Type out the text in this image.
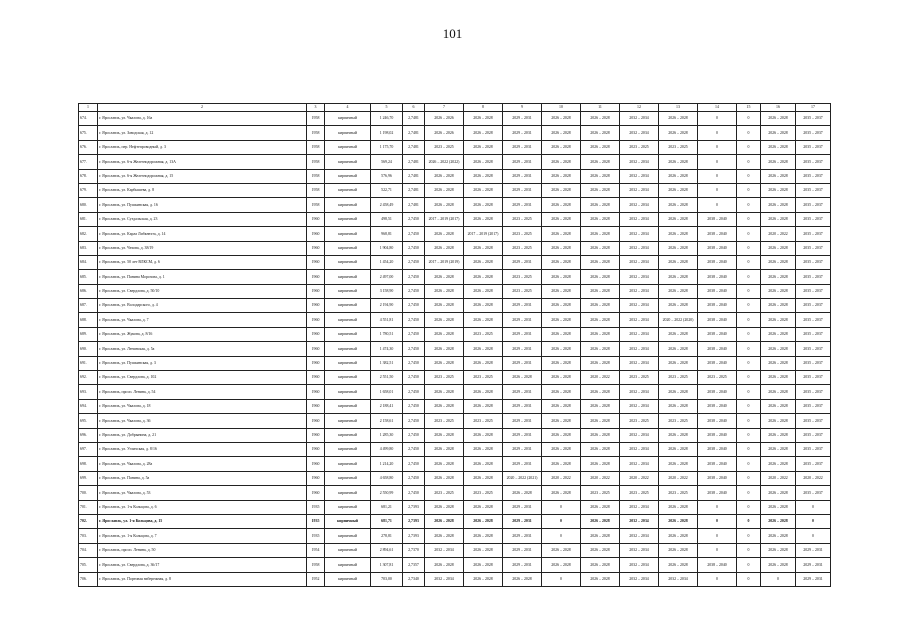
101
1	2	3	4	5	6	7	8	9	10	11	12	13	14	15	16	17
674.	г. Ярославль, ул. Чкалова, д. 16а	1958	кирпичный	1 246,70	2,7481	2026 – 2026	2026 – 2028	2029 – 2031	2026 – 2028	2026 – 2028	2032 – 2034	2026 – 2028	0	0	2026 – 2028	2035 – 2037
675.	г. Ярославль, ул. Заводская, д. 12	1958	кирпичный	1 198,02	2,7481	2026 – 2026	2026 – 2028	2029 – 2031	2026 – 2028	2026 – 2028	2032 – 2034	2026 – 2028	0	0	2026 – 2028	2035 – 2037
676.	г. Ярославль, пер. Нефтепроводный, д. 3	1958	кирпичный	1 175,70	2,7481	2023 – 2025	2026 – 2028	2029 – 2031	2026 – 2028	2026 – 2028	2023 – 2025	2023 – 2025	0	0	2026 – 2028	2035 – 2037
677.	г. Ярославль, ул. 6-я Железнодорожная, д. 13А	1958	кирпичный	569,24	2,7481	2026 – 2022 (2022)	2026 – 2028	2029 – 2031	2026 – 2028	2026 – 2028	2032 – 2034	2026 – 2028	0	0	2026 – 2028	2035 – 2037
678.	г. Ярославль, ул. 6-я Железнодорожная, д. 15	1958	кирпичный	576,96	2,7481	2026 – 2028	2026 – 2028	2029 – 2031	2026 – 2028	2026 – 2028	2032 – 2034	2026 – 2028	0	0	2026 – 2028	2035 – 2037
679.	г. Ярославль, ул. Карбышева, д. 8	1958	кирпичный	522,71	2,7481	2026 – 2028	2026 – 2028	2029 – 2031	2026 – 2028	2026 – 2028	2032 – 2034	2026 – 2028	0	0	2026 – 2028	2035 – 2037
680.	г. Ярославль, ул. Пушкинская, д. 16	1958	кирпичный	2 458,49	2,7481	2026 – 2028	2026 – 2028	2029 – 2031	2026 – 2028	2026 – 2028	2032 – 2034	2026 – 2028	0	0	2026 – 2028	2035 – 2037
681.	г. Ярославль, ул. Суздальская, д. 23	1960	кирпичный	498,51	2,7450	2017 – 2019 (2017)	2026 – 2028	2023 – 2025	2026 – 2028	2026 – 2028	2032 – 2034	2026 – 2028	2038 – 2040	0	2026 – 2028	2035 – 2037
682.	г. Ярославль, ул. Карла Либкнехта, д. 14	1960	кирпичный	968,81	2,7450	2026 – 2028	2017 – 2019 (2017)	2023 – 2025	2026 – 2028	2026 – 2028	2032 – 2034	2026 – 2028	2038 – 2040	0	2020 – 2022	2035 – 2037
683.	г. Ярославль, ул. Чехова, д. 38/19	1960	кирпичный	1 904,80	2,7450	2026 – 2028	2026 – 2028	2023 – 2025	2026 – 2028	2026 – 2028	2032 – 2034	2026 – 2028	2038 – 2040	0	2026 – 2028	2035 – 2037
684.	г. Ярославль, ул. 50 лет ВЛКСМ, д. 6	1960	кирпичный	1 454,20	2,7450	2017 – 2019 (2019)	2026 – 2028	2029 – 2031	2026 – 2028	2026 – 2028	2032 – 2034	2026 – 2028	2038 – 2040	0	2026 – 2028	2035 – 2037
685.	г. Ярославль, ул. Панина Морозова, д. 1	1960	кирпичный	2 497,00	2,7450	2026 – 2028	2026 – 2028	2023 – 2025	2026 – 2028	2026 – 2028	2032 – 2034	2026 – 2028	2038 – 2040	0	2026 – 2028	2035 – 2037
686.	г. Ярославль, ул. Свердлова, д. 50/10	1960	кирпичный	3 158,90	2,7450	2026 – 2028	2026 – 2028	2023 – 2025	2026 – 2028	2026 – 2028	2032 – 2034	2026 – 2028	2038 – 2040	0	2026 – 2028	2035 – 2037
687.	г. Ярославль, ул. Володарского, д. 4	1960	кирпичный	2 194,90	2,7450	2026 – 2028	2026 – 2028	2029 – 2031	2026 – 2028	2026 – 2028	2032 – 2034	2026 – 2028	2038 – 2040	0	2026 – 2028	2035 – 2037
688.	г. Ярославль, ул. Чкалова, д. 7	1960	кирпичный	4 551,81	2,7450	2026 – 2028	2026 – 2028	2029 – 2031	2026 – 2028	2026 – 2028	2032 – 2034	2020 – 2022 (2020)	2038 – 2040	0	2026 – 2028	2035 – 2037
689.	г. Ярославль, ул. Жукова, д. 8/16	1960	кирпичный	1 780,51	2,7450	2026 – 2028	2023 – 2025	2029 – 2031	2026 – 2028	2026 – 2028	2032 – 2034	2026 – 2028	2038 – 2040	0	2026 – 2028	2035 – 2037
690.	г. Ярославль, ул. Ленинская, д. 5а	1960	кирпичный	1 474,30	2,7450	2026 – 2028	2026 – 2028	2029 – 2031	2026 – 2028	2026 – 2028	2032 – 2034	2026 – 2028	2038 – 2040	0	2026 – 2028	2035 – 2037
691.	г. Ярославль, ул. Пушкинская, д. 3	1960	кирпичный	1 382,51	2,7450	2026 – 2028	2026 – 2028	2029 – 2031	2026 – 2028	2026 – 2028	2032 – 2034	2026 – 2028	2038 – 2040	0	2026 – 2028	2035 – 2037
692.	г. Ярославль, ул. Свердлова, д. 102	1960	кирпичный	2 551,50	2,7450	2023 – 2025	2023 – 2025	2026 – 2028	2026 – 2028	2020 – 2022	2023 – 2025	2023 – 2025	2023 – 2025	0	2026 – 2028	2035 – 2037
693.	г. Ярославль, просп. Ленина, д. 54	1960	кирпичный	1 658,01	2,7450	2026 – 2028	2026 – 2028	2029 – 2031	2026 – 2028	2026 – 2028	2032 – 2034	2026 – 2028	2038 – 2040	0	2026 – 2028	2035 – 2037
694.	г. Ярославль, ул. Чкалова, д. 18	1960	кирпичный	2 188,41	2,7450	2026 – 2028	2026 – 2028	2029 – 2031	2026 – 2028	2026 – 2028	2032 – 2034	2026 – 2028	2038 – 2040	0	2026 – 2028	2035 – 2037
695.	г. Ярославль, ул. Чкалова, д. 36	1960	кирпичный	2 158,61	2,7450	2023 – 2025	2023 – 2025	2029 – 2031	2026 – 2028	2026 – 2028	2023 – 2025	2023 – 2025	2038 – 2040	0	2026 – 2028	2035 – 2037
696.	г. Ярославль, ул. Добрынина, д. 21	1960	кирпичный	1 285,30	2,7450	2026 – 2028	2026 – 2028	2029 – 2031	2026 – 2028	2026 – 2028	2032 – 2034	2026 – 2028	2038 – 2040	0	2026 – 2028	2035 – 2037
697.	г. Ярославль, ул. Угличская, д. 8/16	1960	кирпичный	4 499,80	2,7450	2026 – 2028	2026 – 2028	2029 – 2031	2026 – 2028	2026 – 2028	2032 – 2034	2026 – 2028	2038 – 2040	0	2026 – 2028	2035 – 2037
698.	г. Ярославль, ул. Чкалова, д. 28а	1960	кирпичный	1 214,20	2,7450	2026 – 2028	2026 – 2028	2029 – 2031	2026 – 2028	2026 – 2028	2032 – 2034	2026 – 2028	2038 – 2040	0	2026 – 2028	2035 – 2037
699.	г. Ярославль, ул. Панина, д. 5а	1960	кирпичный	4 658,80	2,7450	2026 – 2028	2026 – 2028	2020 – 2022 (2021)	2020 – 2022	2020 – 2022	2020 – 2022	2020 – 2022	2038 – 2040	0	2020 – 2022	2020 – 2022
700.	г. Ярославль, ул. Чкалова, д. 53	1960	кирпичный	2 550,99	2,7450	2023 – 2025	2023 – 2025	2026 – 2028	2026 – 2028	2023 – 2025	2023 – 2025	2023 – 2025	2038 – 2040	0	2026 – 2028	2035 – 2037
701.	г. Ярославль, ул. 1-я Кольцова, д. 6	1935	кирпичный	681,21	2,7393	2026 – 2028	2026 – 2028	2029 – 2031	0	2026 – 2028	2032 – 2034	2026 – 2028	0	0	2026 – 2028	0
702.	г. Ярославль, ул. 1-я Кольцова, д. 15	1935	кирпичный	681,71	2,7393	2026 – 2028	2026 – 2028	2029 – 2031	0	2026 – 2028	2032 – 2034	2026 – 2028	0	0	2026 – 2028	0
703.	г. Ярославль, ул. 1-я Кольцова, д. 7	1935	кирпичный	278,81	2,7393	2026 – 2028	2026 – 2028	2029 – 2031	0	2026 – 2028	2032 – 2034	2026 – 2028	0	0	2026 – 2028	0
704.	г. Ярославль, просп. Ленина, д. 50	1954	кирпичный	2 894,61	2,7370	2032 – 2034	2026 – 2028	2029 – 2031	2026 – 2028	2026 – 2028	2032 – 2034	2026 – 2028	0	0	2026 – 2028	2029 – 2031
705.	г. Ярославль, ул. Свердлова, д. 36/17	1958	кирпичный	1 307,81	2,7357	2026 – 2028	2026 – 2028	2029 – 2031	2026 – 2028	2026 – 2028	2032 – 2034	2026 – 2028	2038 – 2040	0	2026 – 2028	2029 – 2031
706.	г. Ярославль, ул. Портовая набережная, д. 8	1952	кирпичный	703,00	2,7340	2032 – 2034	2026 – 2028	2026 – 2028	0	2026 – 2028	2032 – 2034	2032 – 2034	0	0	0	2029 – 2031
